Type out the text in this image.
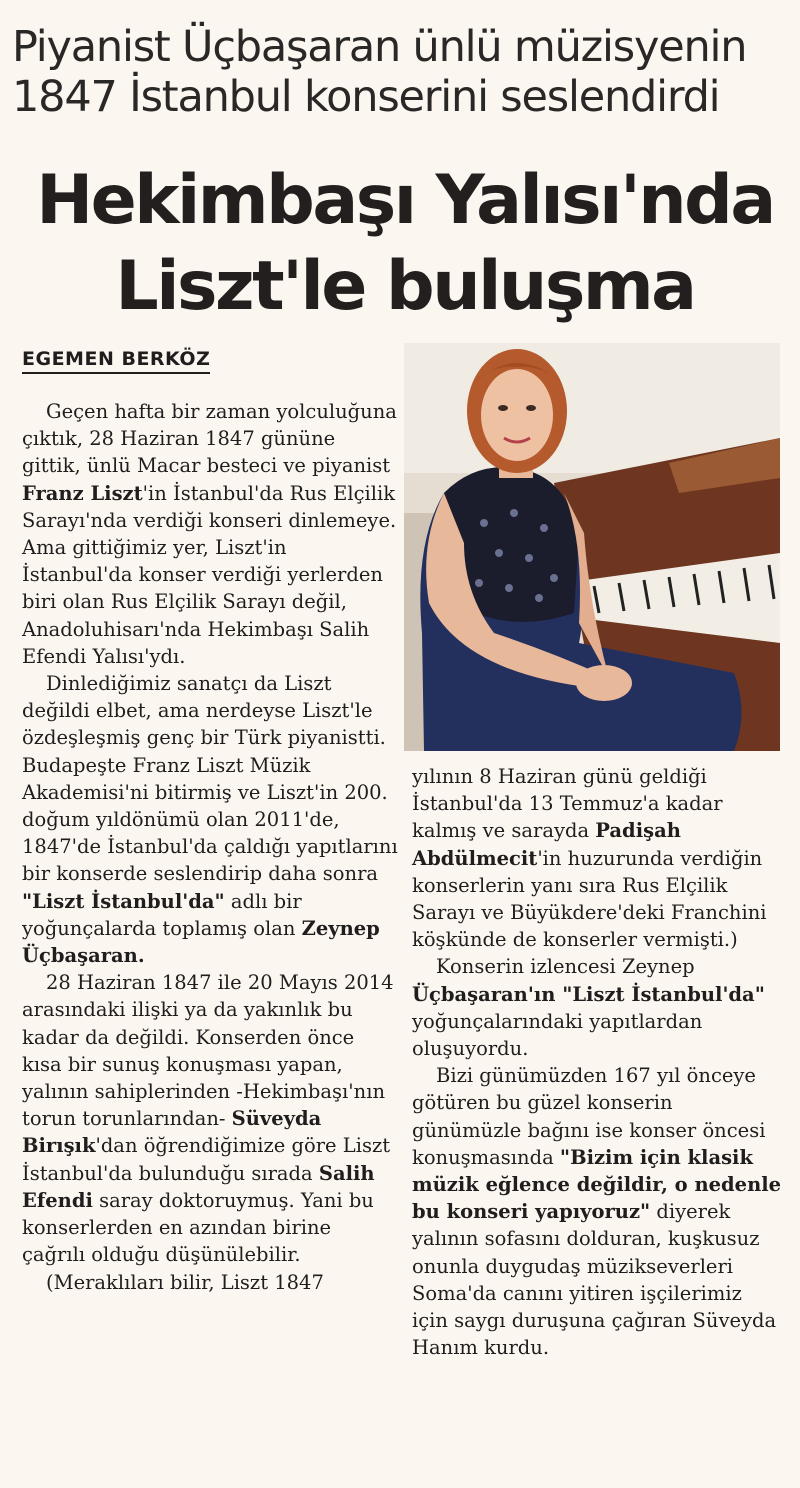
Piyanist Üçbaşaran ünlü müzisyenin
1847 İstanbul konserini seslendirdi
Hekimbaşı Yalısı'nda
Liszt'le buluşma
EGEMEN BERKÖZ

Geçen hafta bir zaman yolculuğuna çıktık, 28 Haziran 1847 gününe gittik, ünlü Macar besteci ve piyanist Franz Liszt'in İstanbul'da Rus Elçilik Sarayı'nda verdiği konseri dinlemeye. Ama gittiğimiz yer, Liszt'in İstanbul'da konser verdiği yerlerden biri olan Rus Elçilik Sarayı değil, Anadoluhisarı'nda Hekimbaşı Salih Efendi Yalısı'ydı.

Dinlediğimiz sanatçı da Liszt değildi elbet, ama nerdeyse Liszt'le özdeşleşmiş genç bir Türk piyanistti. Budapeşte Franz Liszt Müzik Akademisi'ni bitirmiş ve Liszt'in 200. doğum yıldönümü olan 2011'de, 1847'de İstanbul'da çaldığı yapıtlarını bir konserde seslendirip daha sonra "Liszt İstanbul'da" adlı bir yoğunçalarda toplamış olan Zeynep Üçbaşaran.

28 Haziran 1847 ile 20 Mayıs 2014 arasındaki ilişki ya da yakınlık bu kadar da değildi. Konserden önce kısa bir sunuş konuşması yapan, yalının sahiplerinden -Hekimbaşı'nın torun torunlarından- Süveyda Birışık'dan öğrendiğimize göre Liszt İstanbul'da bulunduğu sırada Salih Efendi saray doktoruymuş. Yani bu konserlerden en azından birine çağrılı olduğu düşünülebilir.

(Meraklıları bilir, Liszt 1847

yılının 8 Haziran günü geldiği İstanbul'da 13 Temmuz'a kadar kalmış ve sarayda Padişah Abdülmecit'in huzurunda verdiğin konserlerin yanı sıra Rus Elçilik Sarayı ve Büyükdere'deki Franchini köşkünde de konserler vermişti.)

Konserin izlencesi Zeynep Üçbaşaran'ın "Liszt İstanbul'da" yoğunçalarındaki yapıtlardan oluşuyordu.

Bizi günümüzden 167 yıl önceye götüren bu güzel konserin günümüzle bağını ise konser öncesi konuşmasında "Bizim için klasik müzik eğlence değildir, o nedenle bu konseri yapıyoruz" diyerek yalının sofasını dolduran, kuşkusuz onunla duygudaş müzikseverleri Soma'da canını yitiren işçilerimiz için saygı duruşuna çağıran Süveyda Hanım kurdu.
